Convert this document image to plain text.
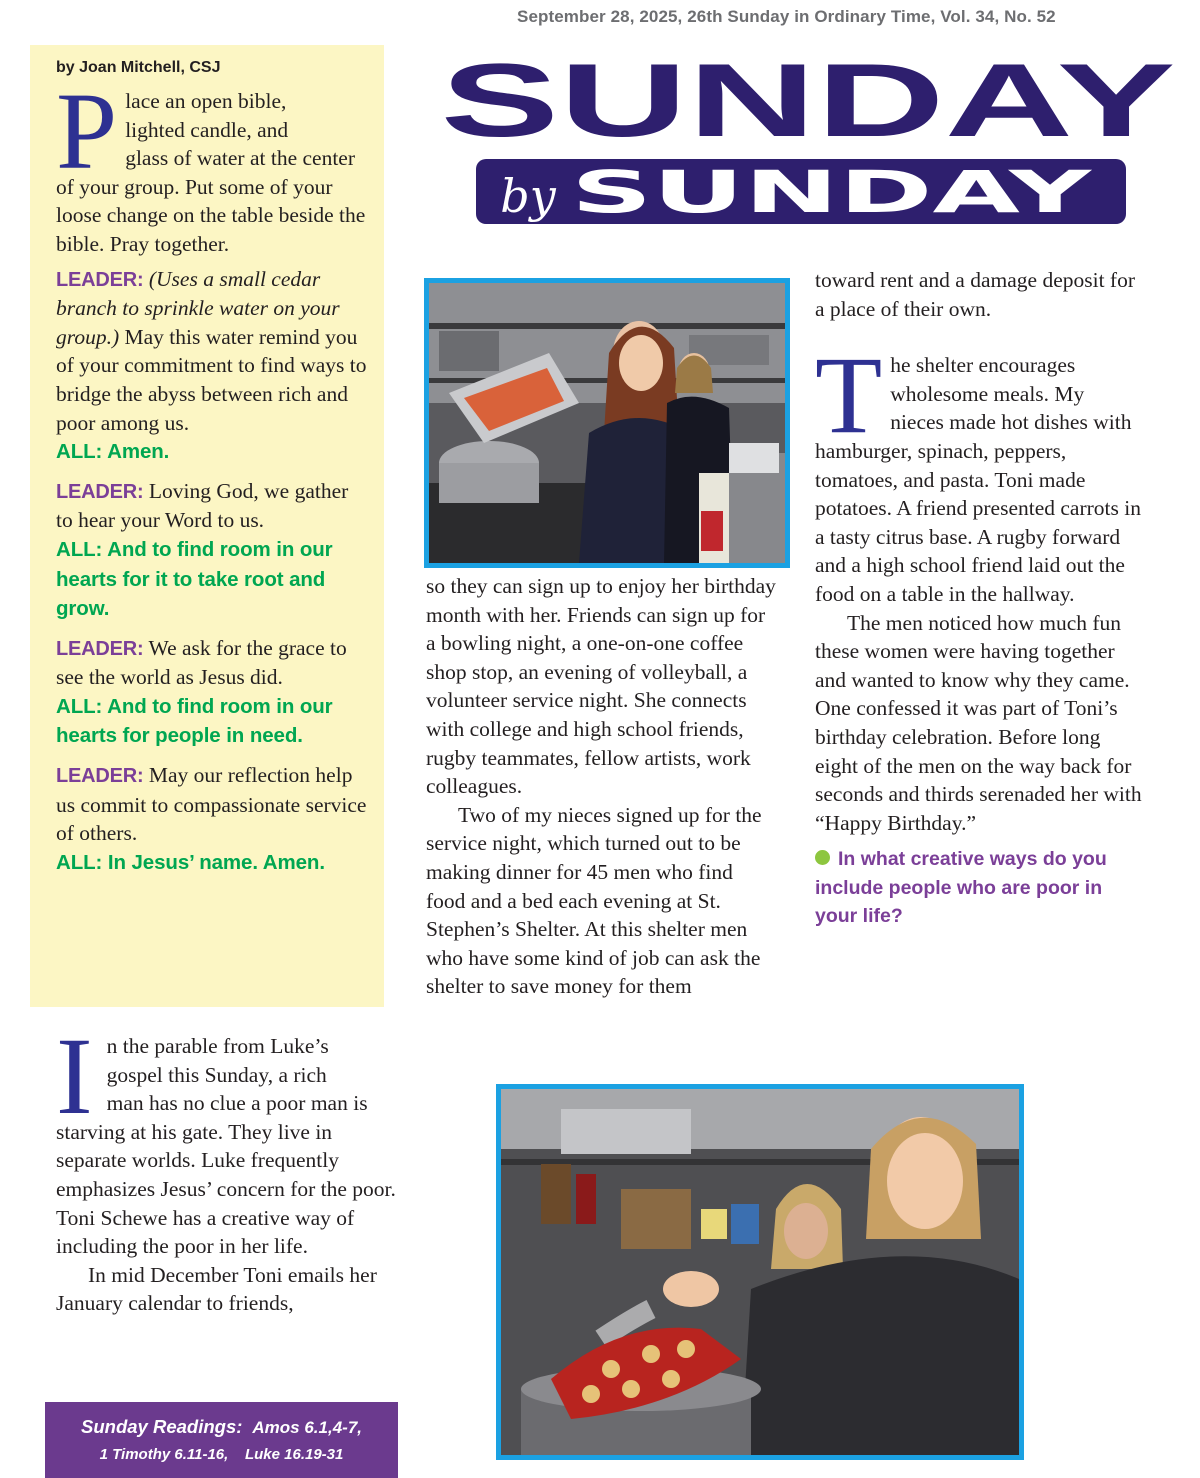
September 28, 2025, 26th Sunday in Ordinary Time, Vol. 34, No. 52
SUNDAY
by SUNDAY
by Joan Mitchell, CSJ
P lace an open bible,
lighted candle, and
glass of water at the center of your group. Put some of your loose change on the table beside the bible. Pray together.
LEADER: (Uses a small cedar branch to sprinkle water on your group.) May this water remind you of your commitment to find ways to bridge the abyss between rich and poor among us.
ALL: Amen.
LEADER: Loving God, we gather to hear your Word to us.
ALL: And to find room in our hearts for it to take root and grow.
LEADER: We ask for the grace to see the world as Jesus did.
ALL: And to find room in our hearts for people in need.
LEADER: May our reflection help us commit to compassionate service of others.
ALL: In Jesus’ name. Amen.
I n the parable from Luke’s
gospel this Sunday, a rich
man has no clue a poor man is starving at his gate. They live in separate worlds. Luke frequently emphasizes Jesus’ concern for the poor. Toni Schewe has a creative way of including the poor in her life.
In mid December Toni emails her January calendar to friends,
Sunday Readings: Amos 6.1,4-7,
1 Timothy 6.11-16,    Luke 16.19-31
so they can sign up to enjoy her birthday month with her. Friends can sign up for a bowling night, a one-on-one coffee shop stop, an evening of volleyball, a volunteer service night. She connects with college and high school friends, rugby teammates, fellow artists, work colleagues.
Two of my nieces signed up for the service night, which turned out to be making dinner for 45 men who find food and a bed each evening at St. Stephen’s Shelter. At this shelter men who have some kind of job can ask the shelter to save money for them
toward rent and a damage deposit for a place of their own.
T he shelter encourages
wholesome meals. My
nieces made hot dishes with hamburger, spinach, peppers, tomatoes, and pasta. Toni made potatoes. A friend presented carrots in a tasty citrus base. A rugby forward and a high school friend laid out the food on a table in the hallway.
The men noticed how much fun these women were having together and wanted to know why they came. One confessed it was part of Toni’s birthday celebration. Before long eight of the men on the way back for seconds and thirds serenaded her with “Happy Birthday.”
In what creative ways do you include people who are poor in your life?
